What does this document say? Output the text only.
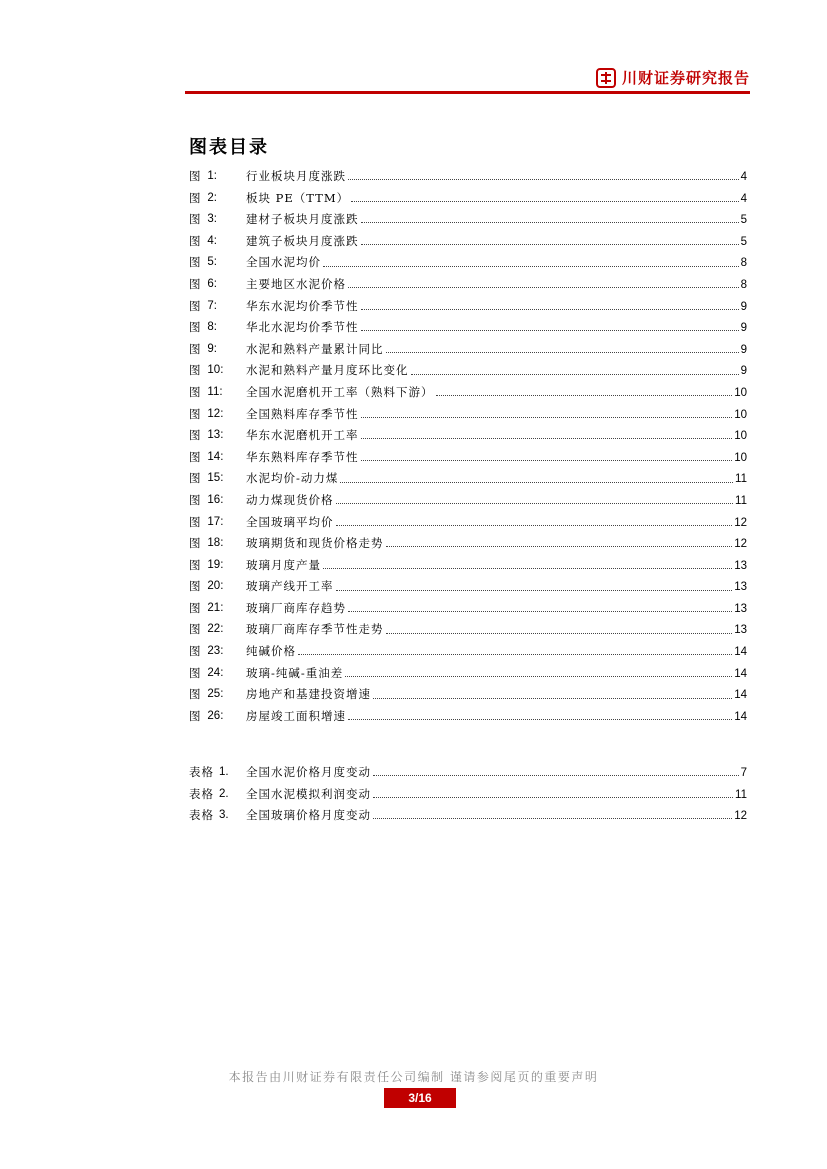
川财证券研究报告
图表目录
图 1:	行业板块月度涨跌	4
图 2:	板块 PE（TTM）	4
图 3:	建材子板块月度涨跌	5
图 4:	建筑子板块月度涨跌	5
图 5:	全国水泥均价	8
图 6:	主要地区水泥价格	8
图 7:	华东水泥均价季节性	9
图 8:	华北水泥均价季节性	9
图 9:	水泥和熟料产量累计同比	9
图 10:	水泥和熟料产量月度环比变化	9
图 11:	全国水泥磨机开工率（熟料下游）	10
图 12:	全国熟料库存季节性	10
图 13:	华东水泥磨机开工率	10
图 14:	华东熟料库存季节性	10
图 15:	水泥均价-动力煤	11
图 16:	动力煤现货价格	11
图 17:	全国玻璃平均价	12
图 18:	玻璃期货和现货价格走势	12
图 19:	玻璃月度产量	13
图 20:	玻璃产线开工率	13
图 21:	玻璃厂商库存趋势	13
图 22:	玻璃厂商库存季节性走势	13
图 23:	纯碱价格	14
图 24:	玻璃-纯碱-重油差	14
图 25:	房地产和基建投资增速	14
图 26:	房屋竣工面积增速	14
表格 1.	全国水泥价格月度变动	7
表格 2.	全国水泥模拟利润变动	11
表格 3.	全国玻璃价格月度变动	12
本报告由川财证券有限责任公司编制 谨请参阅尾页的重要声明
3/16
